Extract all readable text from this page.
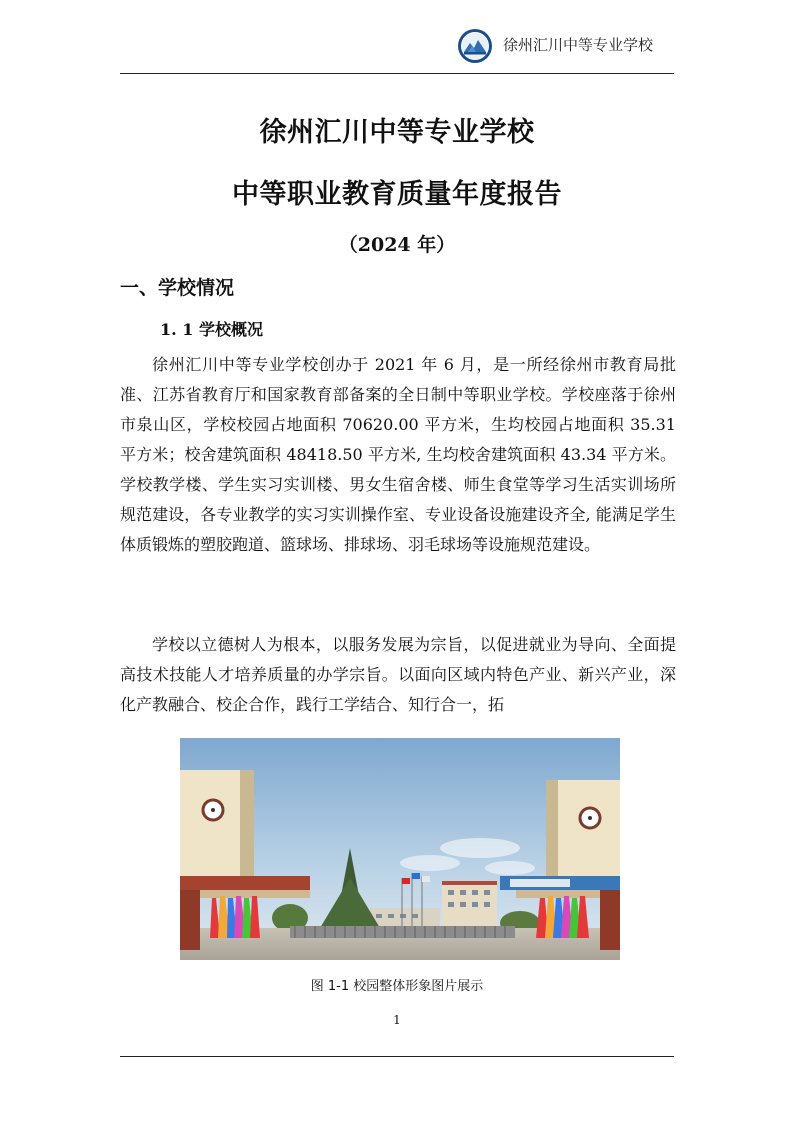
徐州汇川中等专业学校
徐州汇川中等专业学校
中等职业教育质量年度报告
（2024 年）
一、学校情况
1. 1 学校概况

徐州汇川中等专业学校创办于 2021 年 6 月，是一所经徐州市教育局批准、江苏省教育厅和国家教育部备案的全日制中等职业学校。学校座落于徐州市泉山区，学校校园占地面积 70620.00 平方米，生均校园占地面积 35.31 平方米；校舍建筑面积 48418.50 平方米, 生均校舍建筑面积 43.34 平方米。学校教学楼、学生实习实训楼、男女生宿舍楼、师生食堂等学习生活实训场所规范建设，各专业教学的实习实训操作室、专业设备设施建设齐全, 能满足学生体质锻炼的塑胶跑道、篮球场、排球场、羽毛球场等设施规范建设。

学校以立德树人为根本，以服务发展为宗旨，以促进就业为导向、全面提高技术技能人才培养质量的办学宗旨。以面向区域内特色产业、新兴产业，深化产教融合、校企合作，践行工学结合、知行合一，拓

图 1-1 校园整体形象图片展示
1
